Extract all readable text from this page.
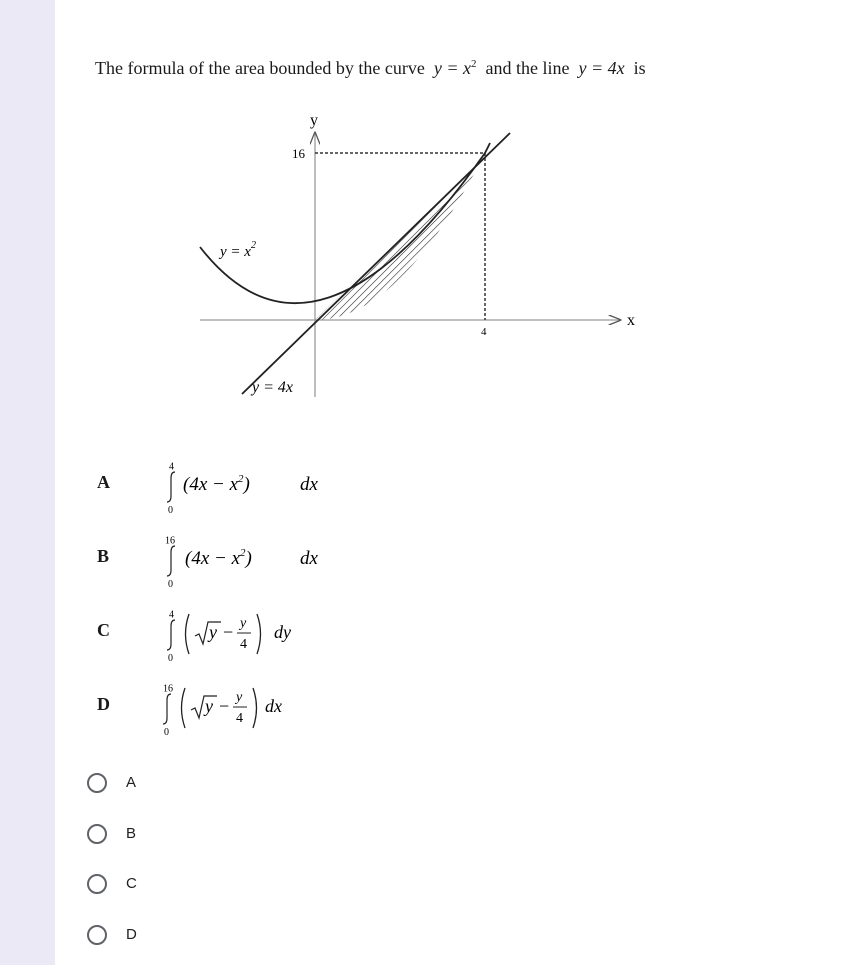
The formula of the area bounded by the curve $y = x^2$ and the line y = 4x is
y
x
16
4
$y = x^2$
y = 4x
A
4
0
$(4x - x^2)$	dx
B
16
0
$(4x - x^2)$	dx
C
4
0
y − y
4
dy
D
16
0
y − y
4
dx
A
B
C
D
